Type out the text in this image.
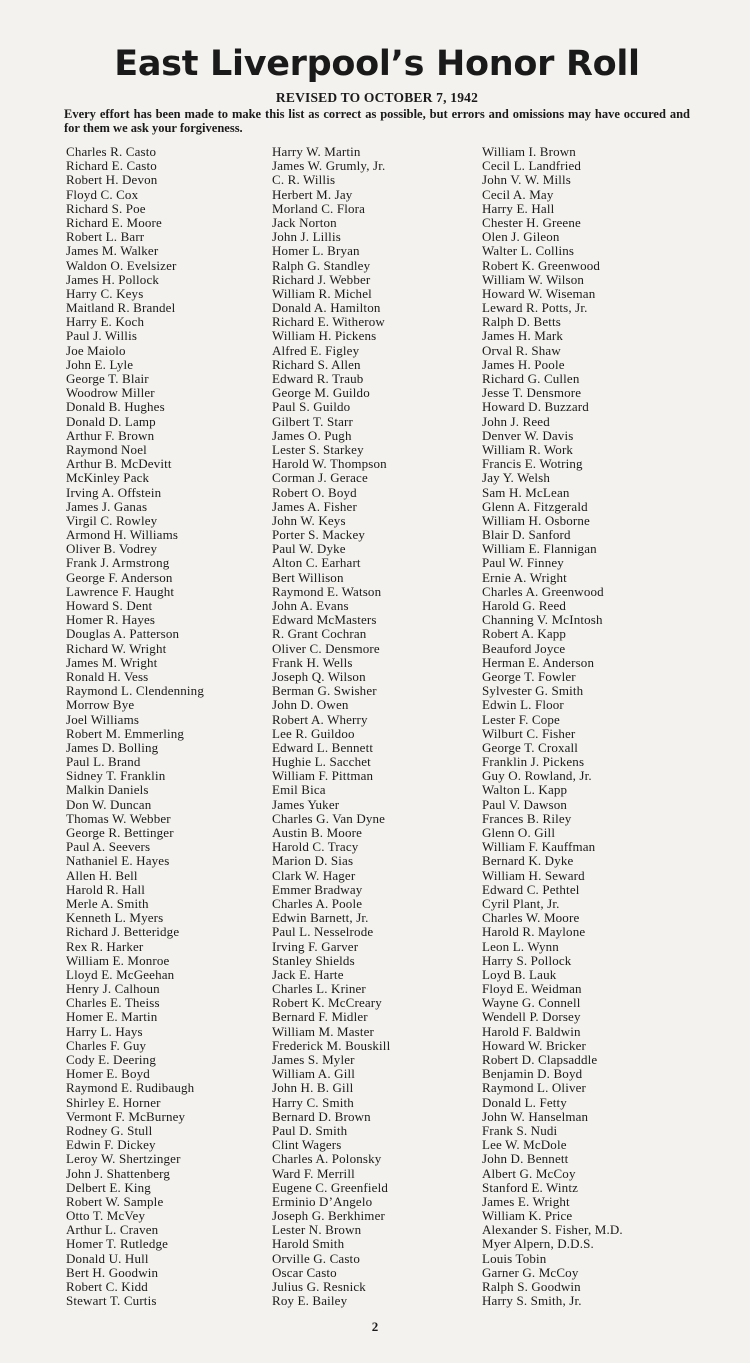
East Liverpool’s Honor Roll

REVISED TO OCTOBER 7, 1942

Every effort has been made to make this list as correct as possible, but errors and omissions may have occured and for them we ask your forgiveness.

Charles R. Casto
Richard E. Casto
Robert H. Devon
Floyd C. Cox
Richard S. Poe
Richard E. Moore
Robert L. Barr
James M. Walker
Waldon O. Evelsizer
James H. Pollock
Harry C. Keys
Maitland R. Brandel
Harry E. Koch
Paul J. Willis
Joe Maiolo
John E. Lyle
George T. Blair
Woodrow Miller
Donald B. Hughes
Donald D. Lamp
Arthur F. Brown
Raymond Noel
Arthur B. McDevitt
McKinley Pack
Irving A. Offstein
James J. Ganas
Virgil C. Rowley
Armond H. Williams
Oliver B. Vodrey
Frank J. Armstrong
George F. Anderson
Lawrence F. Haught
Howard S. Dent
Homer R. Hayes
Douglas A. Patterson
Richard W. Wright
James M. Wright
Ronald H. Vess
Raymond L. Clendenning
Morrow Bye
Joel Williams
Robert M. Emmerling
James D. Bolling
Paul L. Brand
Sidney T. Franklin
Malkin Daniels
Don W. Duncan
Thomas W. Webber
George R. Bettinger
Paul A. Seevers
Nathaniel E. Hayes
Allen H. Bell
Harold R. Hall
Merle A. Smith
Kenneth L. Myers
Richard J. Betteridge
Rex R. Harker
William E. Monroe
Lloyd E. McGeehan
Henry J. Calhoun
Charles E. Theiss
Homer E. Martin
Harry L. Hays
Charles F. Guy
Cody E. Deering
Homer E. Boyd
Raymond E. Rudibaugh
Shirley E. Horner
Vermont F. McBurney
Rodney G. Stull
Edwin F. Dickey
Leroy W. Shertzinger
John J. Shattenberg
Delbert E. King
Robert W. Sample
Otto T. McVey
Arthur L. Craven
Homer T. Rutledge
Donald U. Hull
Bert H. Goodwin
Robert C. Kidd
Stewart T. Curtis
Harry W. Martin
James W. Grumly, Jr.
C. R. Willis
Herbert M. Jay
Morland C. Flora
Jack Norton
John J. Lillis
Homer L. Bryan
Ralph G. Standley
Richard J. Webber
William R. Michel
Donald A. Hamilton
Richard E. Witherow
William H. Pickens
Alfred E. Figley
Richard S. Allen
Edward R. Traub
George M. Guildo
Paul S. Guildo
Gilbert T. Starr
James O. Pugh
Lester S. Starkey
Harold W. Thompson
Corman J. Gerace
Robert O. Boyd
James A. Fisher
John W. Keys
Porter S. Mackey
Paul W. Dyke
Alton C. Earhart
Bert Willison
Raymond E. Watson
John A. Evans
Edward McMasters
R. Grant Cochran
Oliver C. Densmore
Frank H. Wells
Joseph Q. Wilson
Berman G. Swisher
John D. Owen
Robert A. Wherry
Lee R. Guildoo
Edward L. Bennett
Hughie L. Sacchet
William F. Pittman
Emil Bica
James Yuker
Charles G. Van Dyne
Austin B. Moore
Harold C. Tracy
Marion D. Sias
Clark W. Hager
Emmer Bradway
Charles A. Poole
Edwin Barnett, Jr.
Paul L. Nesselrode
Irving F. Garver
Stanley Shields
Jack E. Harte
Charles L. Kriner
Robert K. McCreary
Bernard F. Midler
William M. Master
Frederick M. Bouskill
James S. Myler
William A. Gill
John H. B. Gill
Harry C. Smith
Bernard D. Brown
Paul D. Smith
Clint Wagers
Charles A. Polonsky
Ward F. Merrill
Eugene C. Greenfield
Erminio D’Angelo
Joseph G. Berkhimer
Lester N. Brown
Harold Smith
Orville G. Casto
Oscar Casto
Julius G. Resnick
Roy E. Bailey
William I. Brown
Cecil L. Landfried
John V. W. Mills
Cecil A. May
Harry E. Hall
Chester H. Greene
Olen J. Gileon
Walter L. Collins
Robert K. Greenwood
William W. Wilson
Howard W. Wiseman
Leward R. Potts, Jr.
Ralph D. Betts
James H. Mark
Orval R. Shaw
James H. Poole
Richard G. Cullen
Jesse T. Densmore
Howard D. Buzzard
John J. Reed
Denver W. Davis
William R. Work
Francis E. Wotring
Jay Y. Welsh
Sam H. McLean
Glenn A. Fitzgerald
William H. Osborne
Blair D. Sanford
William E. Flannigan
Paul W. Finney
Ernie A. Wright
Charles A. Greenwood
Harold G. Reed
Channing V. McIntosh
Robert A. Kapp
Beauford Joyce
Herman E. Anderson
George T. Fowler
Sylvester G. Smith
Edwin L. Floor
Lester F. Cope
Wilburt C. Fisher
George T. Croxall
Franklin J. Pickens
Guy O. Rowland, Jr.
Walton L. Kapp
Paul V. Dawson
Frances B. Riley
Glenn O. Gill
William F. Kauffman
Bernard K. Dyke
William H. Seward
Edward C. Pethtel
Cyril Plant, Jr.
Charles W. Moore
Harold R. Maylone
Leon L. Wynn
Harry S. Pollock
Loyd B. Lauk
Floyd E. Weidman
Wayne G. Connell
Wendell P. Dorsey
Harold F. Baldwin
Howard W. Bricker
Robert D. Clapsaddle
Benjamin D. Boyd
Raymond L. Oliver
Donald L. Fetty
John W. Hanselman
Frank S. Nudi
Lee W. McDole
John D. Bennett
Albert G. McCoy
Stanford E. Wintz
James E. Wright
William K. Price
Alexander S. Fisher, M.D.
Myer Alpern, D.D.S.
Louis Tobin
Garner G. McCoy
Ralph S. Goodwin
Harry S. Smith, Jr.
2
